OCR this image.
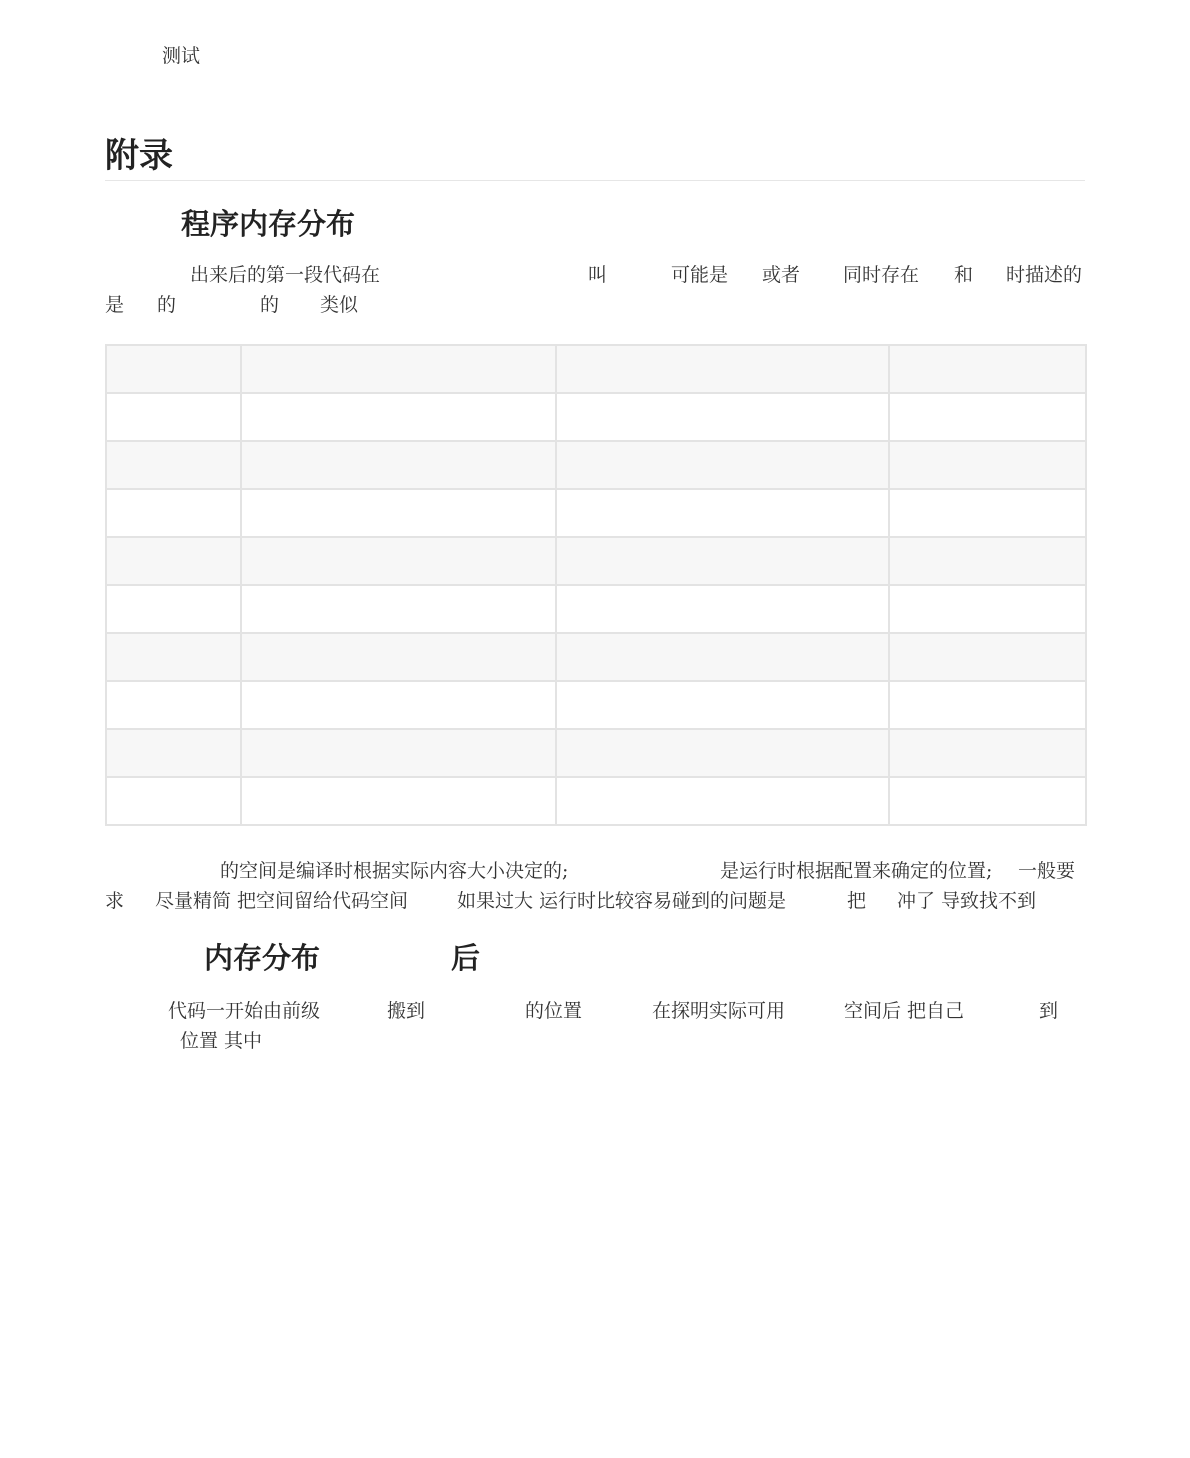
测试
附录
程序内存分布
出来后的第一段代码在	叫	可能是 或者 同时存在 和 时描述的
是 的	的 类似

的空间是编译时根据实际内容大小决定的;	是运行时根据配置来确定的位置; 一般要
求 尽量精简 把空间留给代码空间	如果过大 运行时比较容易碰到的问题是	把 冲了 导致找不到
内存分布	后
代码一开始由前级	搬到	的位置	在探明实际可用	空间后 把自己	到
位置 其中
